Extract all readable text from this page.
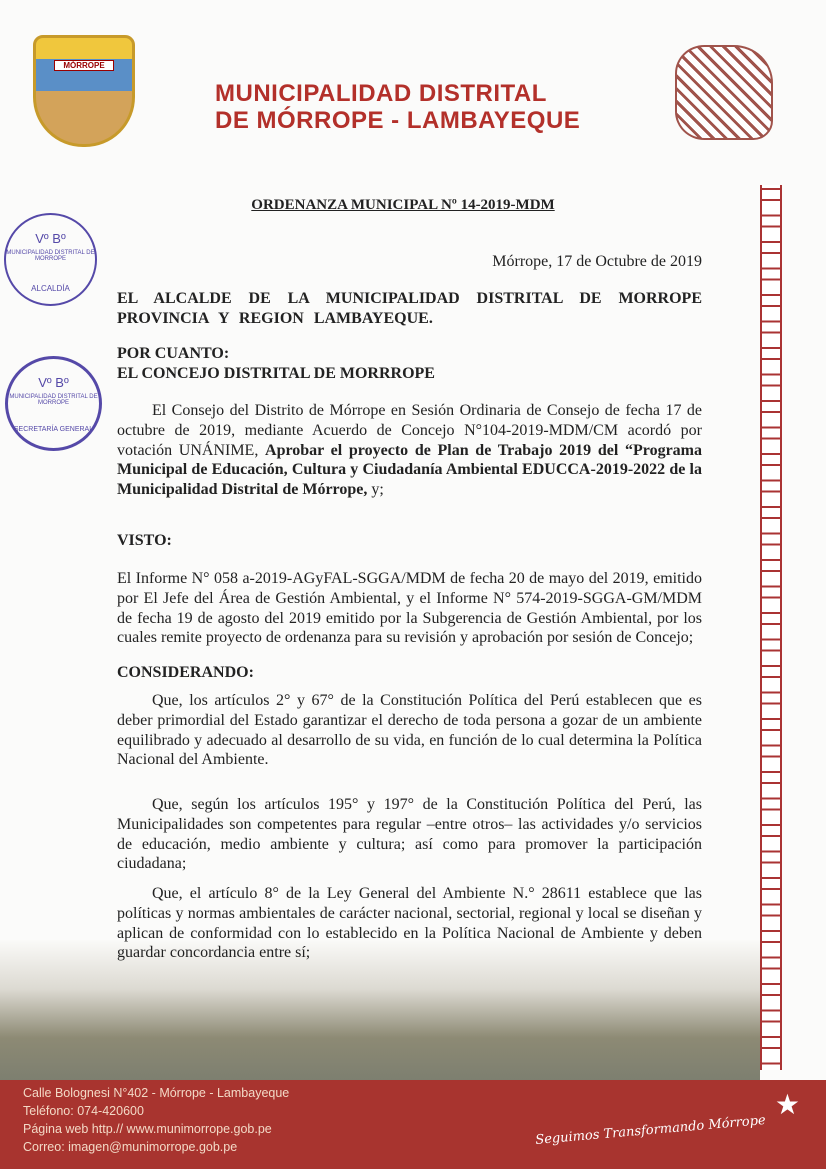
MÓRROPE
MUNICIPALIDAD DISTRITAL
DE MÓRROPE - LAMBAYEQUE
Vº Bº
MUNICIPALIDAD DISTRITAL DE MORROPE
ALCALDÍA
Vº Bº
MUNICIPALIDAD DISTRITAL DE MORROPE
SECRETARÍA GENERAL
ORDENANZA MUNICIPAL Nº 14-2019-MDM
Mórrope, 17 de Octubre de 2019
EL ALCALDE DE LA MUNICIPALIDAD DISTRITAL DE MORROPE PROVINCIA Y REGION LAMBAYEQUE.
POR CUANTO:
EL CONCEJO DISTRITAL DE MORRROPE
El Consejo del Distrito de Mórrope en Sesión Ordinaria de Consejo de fecha 17 de octubre de 2019, mediante Acuerdo de Concejo N°104-2019-MDM/CM acordó por votación UNÁNIME, Aprobar el proyecto de Plan de Trabajo 2019 del “Programa Municipal de Educación, Cultura y Ciudadanía Ambiental EDUCCA-2019-2022 de la Municipalidad Distrital de Mórrope, y;
VISTO:
El Informe N° 058 a-2019-AGyFAL-SGGA/MDM de fecha 20 de mayo del 2019, emitido por El Jefe del Área de Gestión Ambiental, y el Informe N° 574-2019-SGGA-GM/MDM de fecha 19 de agosto del 2019 emitido por la Subgerencia de Gestión Ambiental, por los cuales remite proyecto de ordenanza para su revisión y aprobación por sesión de Concejo;
CONSIDERANDO:
Que, los artículos 2° y 67° de la Constitución Política del Perú establecen que es deber primordial del Estado garantizar el derecho de toda persona a gozar de un ambiente equilibrado y adecuado al desarrollo de su vida, en función de lo cual determina la Política Nacional del Ambiente.
Que, según los artículos 195° y 197° de la Constitución Política del Perú, las Municipalidades son competentes para regular –entre otros– las actividades y/o servicios de educación, medio ambiente y cultura; así como para promover la participación ciudadana;
Que, el artículo 8° de la Ley General del Ambiente N.° 28611 establece que las políticas y normas ambientales de carácter nacional, sectorial, regional y local se diseñan y aplican de conformidad con lo establecido en la Política Nacional de Ambiente y deben guardar concordancia entre sí;
Calle Bolognesi N°402 - Mórrope - Lambayeque
Teléfono: 074-420600
Página web http.// www.munimorrope.gob.pe
Correo: imagen@munimorrope.gob.pe	Seguimos Transformando Mórrope
★
